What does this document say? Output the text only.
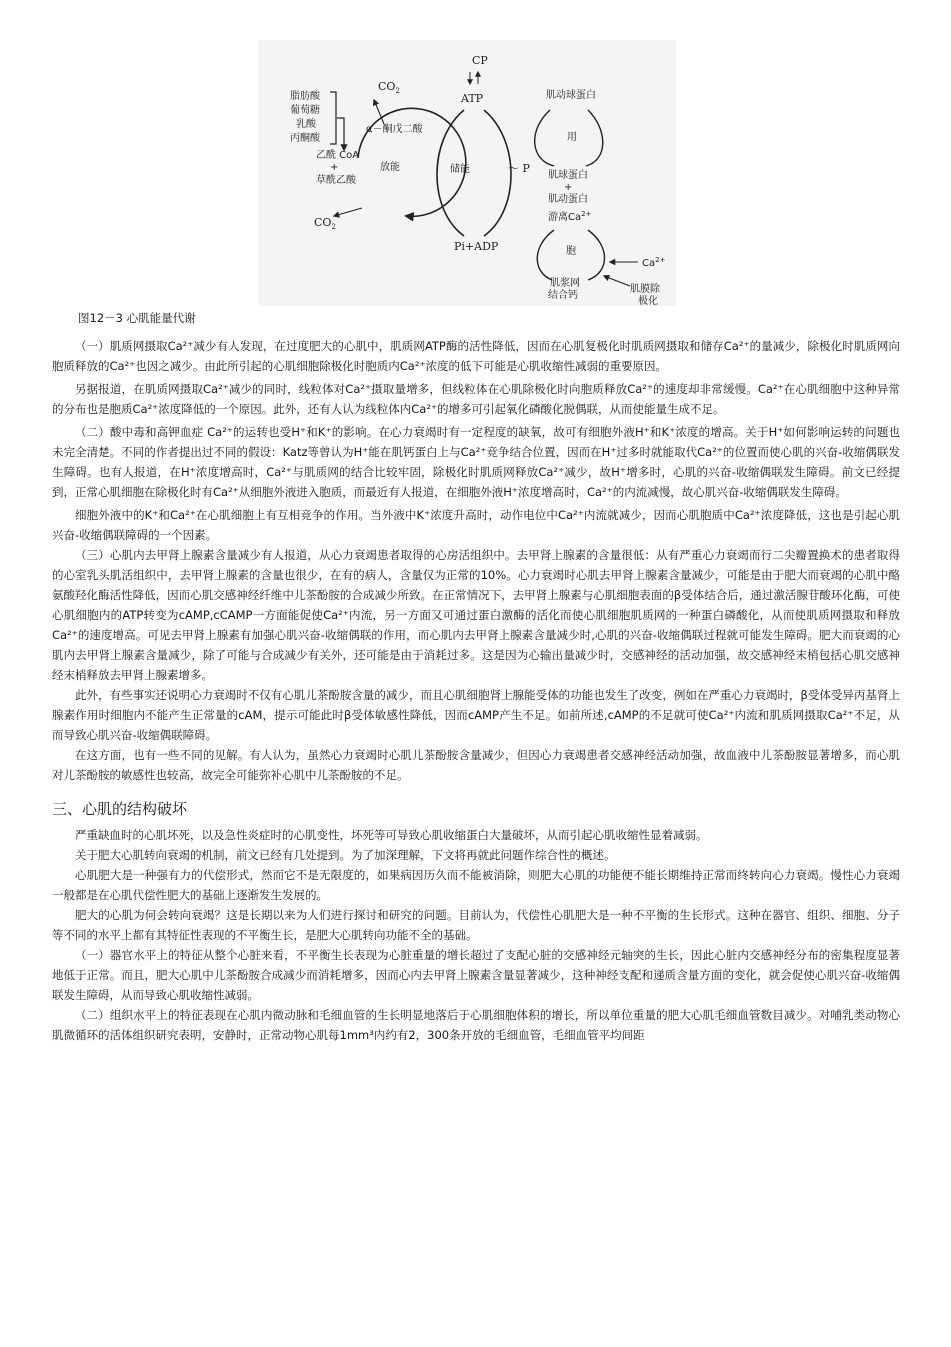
脂肪酸
葡萄糖
乳酸
丙酮酸
$CO_2$
α－酮戊二酸
乙酰 CoA
+
草酰乙酸
放能
$CO_2$
CP
ATP
储能	～ P
Pi+ADP
肌动球蛋白
用
肌球蛋白
+
肌动蛋白
游离$Ca^{2+}$
胞
肌浆网
结合钙
$Ca^{2+}$
肌膜除
极化
图12－3 心肌能量代谢

（一）肌质网摄取Ca²⁺减少有人发现，在过度肥大的心肌中，肌质网ATP酶的活性降低，因而在心肌复极化时肌质网摄取和储存Ca²⁺的量减少，除极化时肌质网向胞质释放的Ca²⁺也因之减少。由此所引起的心肌细胞除极化时胞质内Ca²⁺浓度的低下可能是心肌收缩性减弱的重要原因。

另据报道，在肌质网摄取Ca²⁺减少的同时，线粒体对Ca²⁺摄取量增多，但线粒体在心肌除极化时向胞质释放Ca²⁺的速度却非常缓慢。Ca²⁺在心肌细胞中这种异常的分布也是胞质Ca²⁺浓度降低的一个原因。此外，还有人认为线粒体内Ca²⁺的增多可引起氧化磷酸化脱偶联，从而使能量生成不足。

（二）酸中毒和高钾血症 Ca²⁺的运转也受H⁺和K⁺的影响。在心力衰竭时有一定程度的缺氧，故可有细胞外液H⁺和K⁺浓度的增高。关于H⁺如何影响运转的问题也未完全清楚。不同的作者提出过不同的假设：Katz等曾认为H⁺能在肌钙蛋白上与Ca²⁺竞争结合位置，因而在H⁺过多时就能取代Ca²⁺的位置而使心肌的兴奋-收缩偶联发生障碍。也有人报道，在H⁺浓度增高时，Ca²⁺与肌质网的结合比较牢固，除极化时肌质网释放Ca²⁺减少，故H⁺增多时，心肌的兴奋-收缩偶联发生障碍。前文已经提到，正常心肌细胞在除极化时有Ca²⁺从细胞外液进入胞质，而最近有人报道，在细胞外液H⁺浓度增高时，Ca²⁺的内流减慢，故心肌兴奋-收缩偶联发生障碍。

细胞外液中的K⁺和Ca²⁺在心肌细胞上有互相竞争的作用。当外液中K⁺浓度升高时，动作电位中Ca²⁺内流就减少，因而心肌胞质中Ca²⁺浓度降低，这也是引起心肌兴奋-收缩偶联障碍的一个因素。

（三）心肌内去甲肾上腺素含量减少有人报道，从心力衰竭患者取得的心房活组织中。去甲肾上腺素的含量很低：从有严重心力衰竭而行二尖瓣置换术的患者取得的心室乳头肌活组织中，去甲肾上腺素的含量也很少，在有的病人，含量仅为正常的10%。心力衰竭时心肌去甲肾上腺素含量减少，可能是由于肥大而衰竭的心肌中酪氨酸羟化酶活性降低，因而心肌交感神经纤维中儿茶酚胺的合成减少所致。在正常情况下，去甲肾上腺素与心肌细胞表面的β受体结合后，通过激活腺苷酸环化酶，可使心肌细胞内的ATP转变为cAMP,cCAMP一方面能促使Ca²⁺内流，另一方面又可通过蛋白激酶的活化而使心肌细胞肌质网的一种蛋白磷酸化，从而使肌质网摄取和释放Ca²⁺的速度增高。可见去甲肾上腺素有加强心肌兴奋-收缩偶联的作用，而心肌内去甲肾上腺素含量减少时,心肌的兴奋-收缩偶联过程就可能发生障碍。肥大而衰竭的心肌内去甲肾上腺素含量减少，除了可能与合成减少有关外，还可能是由于消耗过多。这是因为心输出量减少时，交感神经的活动加强，故交感神经末梢包括心肌交感神经末梢释放去甲肾上腺素增多。

此外，有些事实还说明心力衰竭时不仅有心肌儿茶酚胺含量的减少，而且心肌细胞肾上腺能受体的功能也发生了改变，例如在严重心力衰竭时，β受体受异丙基肾上腺素作用时细胞内不能产生正常量的cAM，提示可能此时β受体敏感性降低，因而cAMP产生不足。如前所述,cAMP的不足就可使Ca²⁺内流和肌质网摄取Ca²⁺不足，从而导致心肌兴奋-收缩偶联障碍。

在这方面，也有一些不同的见解。有人认为，虽然心力衰竭时心肌儿茶酚胺含量减少，但因心力衰竭患者交感神经活动加强，故血液中儿茶酚胺显著增多，而心肌对儿茶酚胺的敏感性也较高，故完全可能弥补心肌中儿茶酚胺的不足。

三、心肌的结构破坏

严重缺血时的心肌坏死，以及急性炎症时的心肌变性，坏死等可导致心肌收缩蛋白大量破坏，从而引起心肌收缩性显着减弱。

关于肥大心肌转向衰竭的机制，前文已经有几处提到。为了加深理解，下文将再就此问题作综合性的概述。

心肌肥大是一种强有力的代偿形式，然而它不是无限度的，如果病因历久而不能被消除，则肥大心肌的功能便不能长期维持正常而终转向心力衰竭。慢性心力衰竭一般都是在心肌代偿性肥大的基础上逐渐发生发展的。

肥大的心肌为何会转向衰竭？这是长期以来为人们进行探讨和研究的问题。目前认为，代偿性心肌肥大是一种不平衡的生长形式。这种在器官、组织、细胞、分子等不同的水平上都有其特征性表现的不平衡生长，是肥大心肌转向功能不全的基础。

（一）器官水平上的特征从整个心脏来看，不平衡生长表现为心脏重量的增长超过了支配心脏的交感神经元轴突的生长，因此心脏内交感神经分布的密集程度显著地低于正常。而且，肥大心肌中儿茶酚胺合成减少而消耗增多，因而心内去甲肾上腺素含量显著减少，这种神经支配和递质含量方面的变化，就会促使心肌兴奋-收缩偶联发生障碍，从而导致心肌收缩性减弱。

（二）组织水平上的特征表现在心肌内微动脉和毛细血管的生长明显地落后于心肌细胞体积的增长，所以单位重量的肥大心肌毛细血管数目减少。对哺乳类动物心肌微循环的活体组织研究表明，安静时，正常动物心肌每1mm³内约有2，300条开放的毛细血管，毛细血管平均间距
